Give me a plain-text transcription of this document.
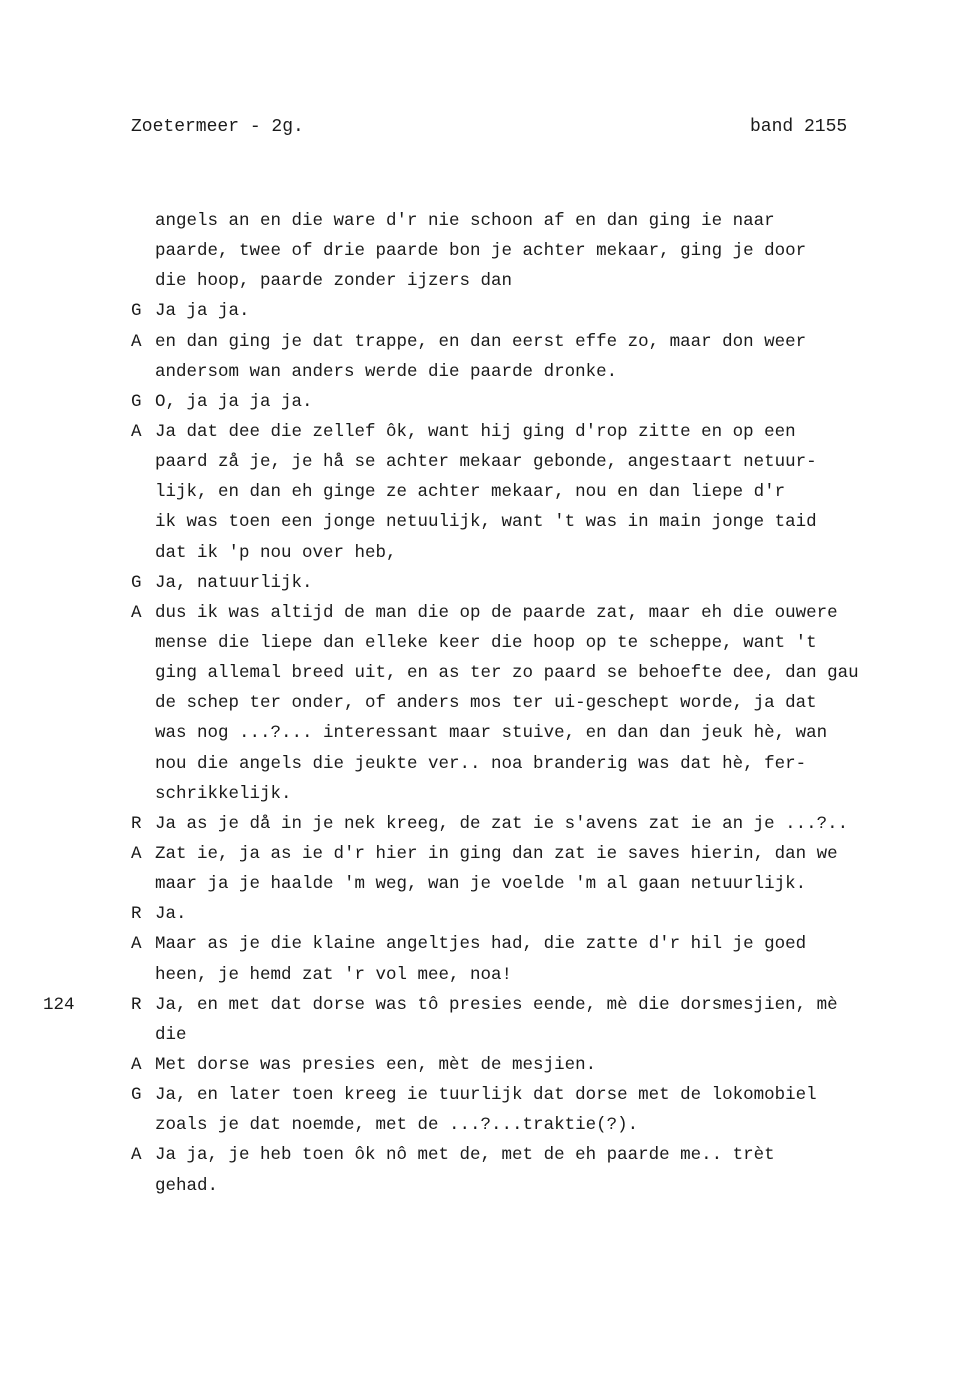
Zoetermeer - 2g.	band 2155
angels an en die ware d'r nie schoon af en dan ging ie naar
paarde, twee of drie paarde bon je achter mekaar, ging je door
die hoop, paarde zonder ijzers dan
G Ja ja ja.
A en dan ging je dat trappe, en dan eerst effe zo, maar don weer
andersom wan anders werde die paarde dronke.
G O, ja ja ja ja.
A Ja dat dee die zellef ôk, want hij ging d'rop zitte en op een
paard zå je, je hå se achter mekaar gebonde, angestaart netuur-
lijk, en dan eh ginge ze achter mekaar, nou en dan liepe d'r
ik was toen een jonge netuulijk, want 't was in main jonge taid
dat ik 'p nou over heb,
G Ja, natuurlijk.
A dus ik was altijd de man die op de paarde zat, maar eh die ouwere
mense die liepe dan elleke keer die hoop op te scheppe, want 't
ging allemal breed uit, en as ter zo paard se behoefte dee, dan gau
de schep ter onder, of anders mos ter ui-geschept worde, ja dat
was nog ...?... interessant maar stuive, en dan dan jeuk hè, wan
nou die angels die jeukte ver.. noa branderig was dat hè, fer-
schrikkelijk.
R Ja as je då in je nek kreeg, de zat ie s'avens zat ie an je ...?..
A Zat ie, ja as ie d'r hier in ging dan zat ie saves hierin, dan we
maar ja je haalde 'm weg, wan je voelde 'm al gaan netuurlijk.
R Ja.
A Maar as je die klaine angeltjes had, die zatte d'r hil je goed
heen, je hemd zat 'r vol mee, noa!
124	R Ja, en met dat dorse was tô presies eende, mè die dorsmesjien, mè
die
A Met dorse was presies een, mèt de mesjien.
G Ja, en later toen kreeg ie tuurlijk dat dorse met de lokomobiel
zoals je dat noemde, met de ...?...traktie(?).
A Ja ja, je heb toen ôk nô met de, met de eh paarde me.. trèt
gehad.
